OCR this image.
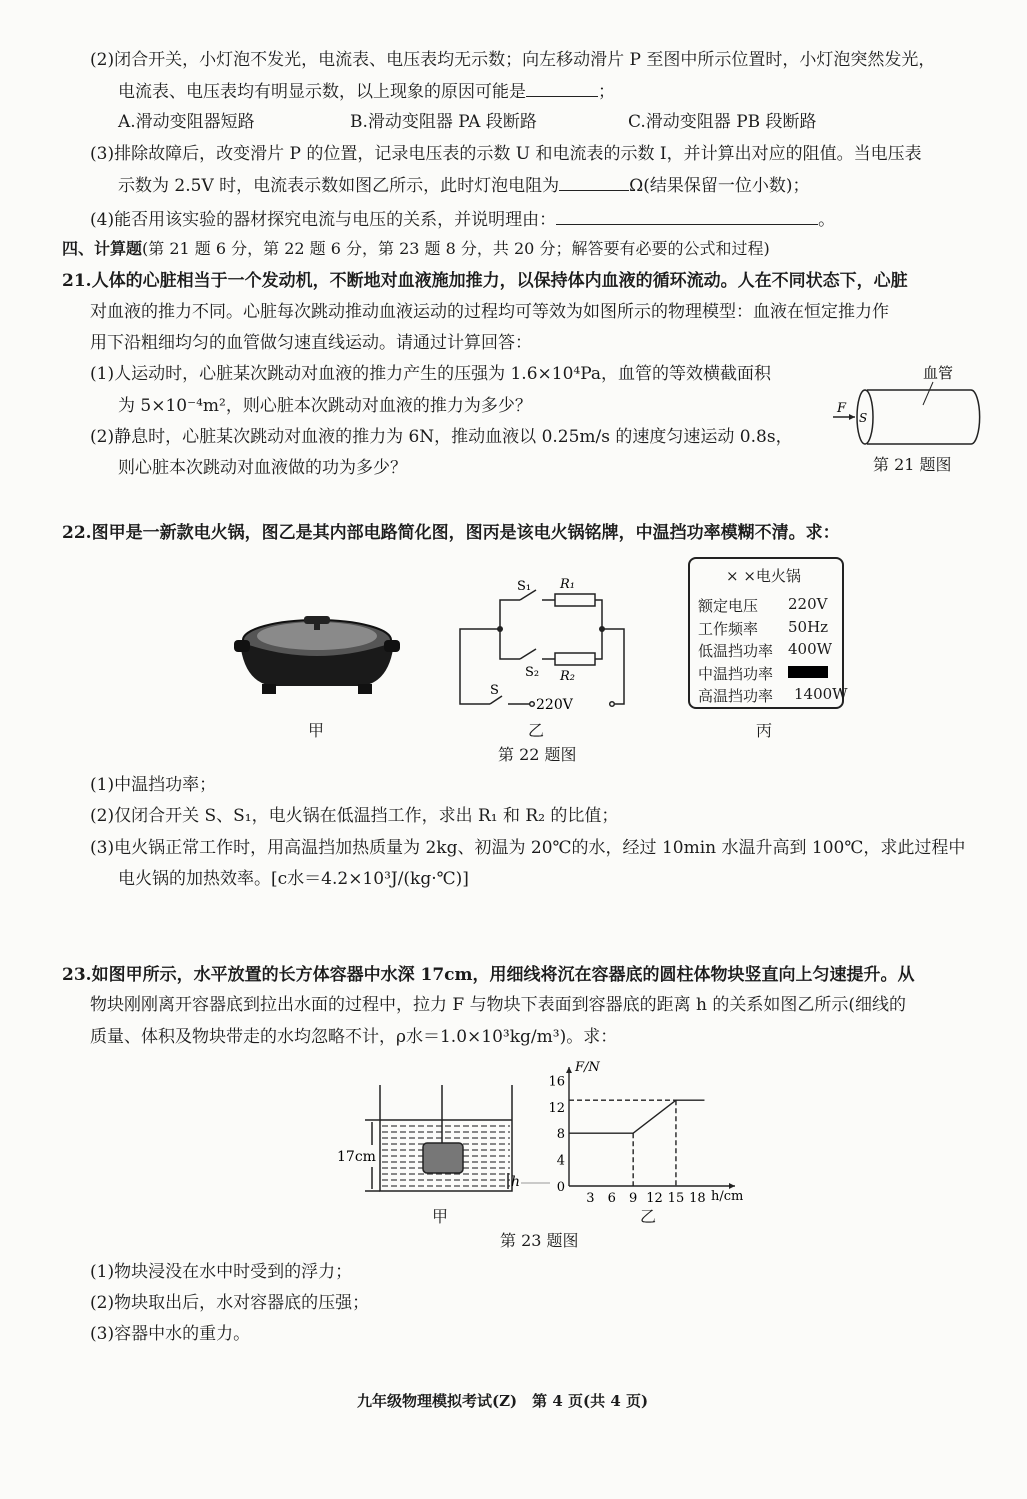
(2)闭合开关，小灯泡不发光，电流表、电压表均无示数；向左移动滑片 P 至图中所示位置时，小灯泡突然发光，
电流表、电压表均有明显示数，以上现象的原因可能是	；
A.滑动变阻器短路	B.滑动变阻器 PA 段断路	C.滑动变阻器 PB 段断路
(3)排除故障后，改变滑片 P 的位置，记录电压表的示数 U 和电流表的示数 I，并计算出对应的阻值。当电压表
示数为 2.5V 时，电流表示数如图乙所示，此时灯泡电阻为	Ω(结果保留一位小数)；
(4)能否用该实验的器材探究电流与电压的关系，并说明理由：	。
四、计算题(第 21 题 6 分，第 22 题 6 分，第 23 题 8 分，共 20 分；解答要有必要的公式和过程)
21.人体的心脏相当于一个发动机，不断地对血液施加推力，以保持体内血液的循环流动。人在不同状态下，心脏
对血液的推力不同。心脏每次跳动推动血液运动的过程均可等效为如图所示的物理模型：血液在恒定推力作
用下沿粗细均匀的血管做匀速直线运动。请通过计算回答：
(1)人运动时，心脏某次跳动对血液的推力产生的压强为 1.6×10⁴Pa，血管的等效横截面积
为 5×10⁻⁴m²，则心脏本次跳动对血液的推力为多少？
(2)静息时，心脏某次跳动对血液的推力为 6N，推动血液以 0.25m/s 的速度匀速运动 0.8s，
则心脏本次跳动对血液做的功为多少？
F
S
血管
第 21 题图
22.图甲是一新款电火锅，图乙是其内部电路简化图，图丙是该电火锅铭牌，中温挡功率模糊不清。求：
甲
S₁ R₁
S₂ R₂
S
220V
乙
第 22 题图
× ×电火锅
额定电压 220V
工作频率 50Hz
低温挡功率 400W
中温挡功率
高温挡功率 1400W
丙
(1)中温挡功率；
(2)仅闭合开关 S、S₁，电火锅在低温挡工作，求出 R₁ 和 R₂ 的比值；
(3)电火锅正常工作时，用高温挡加热质量为 2kg、初温为 20℃的水，经过 10min 水温升高到 100℃，求此过程中
电火锅的加热效率。[c水＝4.2×10³J/(kg·℃)]
23.如图甲所示，水平放置的长方体容器中水深 17cm，用细线将沉在容器底的圆柱体物块竖直向上匀速提升。从
物块刚刚离开容器底到拉出水面的过程中，拉力 F 与物块下表面到容器底的距离 h 的关系如图乙所示(细线的
质量、体积及物块带走的水均忽略不计，ρ水＝1.0×10³kg/m³)。求：
17cm
h
甲
F/N
h/cm
3 6 9 12 15 18
0
4
8
12
16
乙
第 23 题图
(1)物块浸没在水中时受到的浮力；
(2)物块取出后，水对容器底的压强；
(3)容器中水的重力。
九年级物理模拟考试(Z)　第 4 页(共 4 页)
